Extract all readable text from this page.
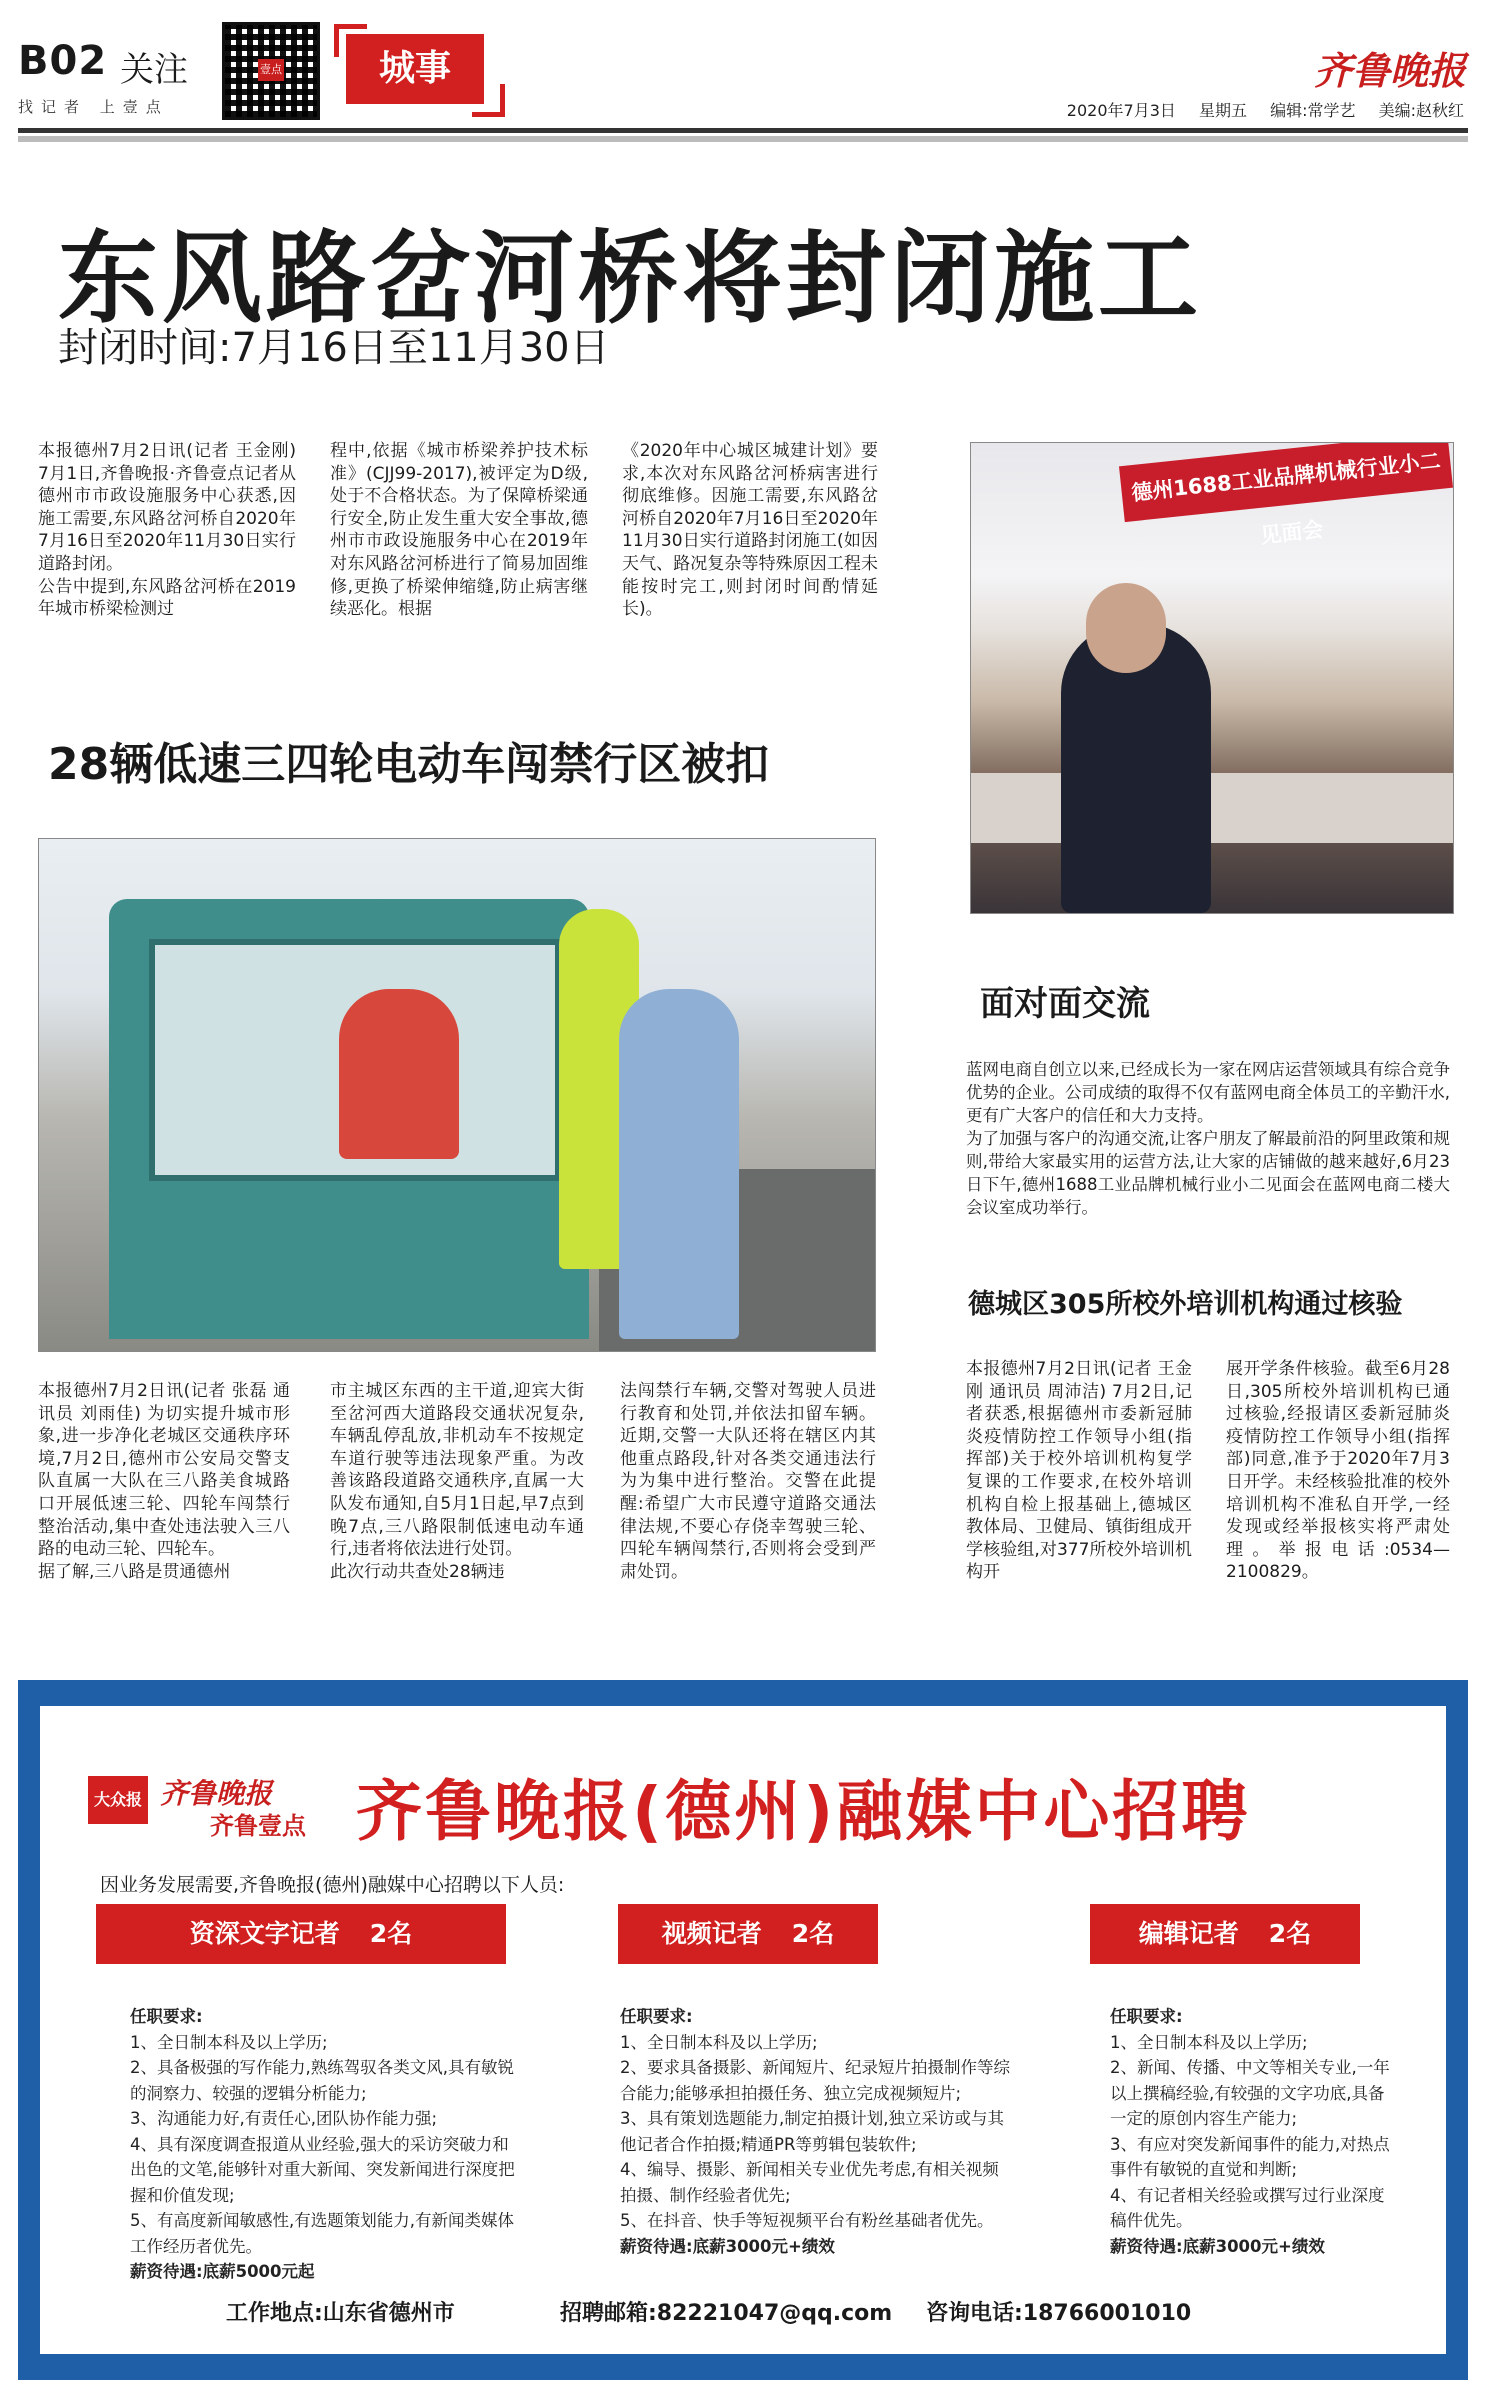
B02 关注
找记者 上壹点
壹点	城事	齐鲁晚报
2020年7月3日 星期五 编辑:常学艺 美编:赵秋红
东风路岔河桥将封闭施工
封闭时间:7月16日至11月30日
本报德州7月2日讯(记者 王金刚) 7月1日,齐鲁晚报·齐鲁壹点记者从德州市市政设施服务中心获悉,因施工需要,东风路岔河桥自2020年7月16日至2020年11月30日实行道路封闭。
公告中提到,东风路岔河桥在2019年城市桥梁检测过
程中,依据《城市桥梁养护技术标准》(CJJ99-2017),被评定为D级,处于不合格状态。为了保障桥梁通行安全,防止发生重大安全事故,德州市市政设施服务中心在2019年对东风路岔河桥进行了简易加固维修,更换了桥梁伸缩缝,防止病害继续恶化。根据
《2020年中心城区城建计划》要求,本次对东风路岔河桥病害进行彻底维修。因施工需要,东风路岔河桥自2020年7月16日至2020年11月30日实行道路封闭施工(如因天气、路况复杂等特殊原因工程未能按时完工,则封闭时间酌情延长)。
德州1688工业品牌机械行业小二见面会
28辆低速三四轮电动车闯禁行区被扣
本报德州7月2日讯(记者 张磊 通讯员 刘雨佳) 为切实提升城市形象,进一步净化老城区交通秩序环境,7月2日,德州市公安局交警支队直属一大队在三八路美食城路口开展低速三轮、四轮车闯禁行整治活动,集中查处违法驶入三八路的电动三轮、四轮车。
据了解,三八路是贯通德州
市主城区东西的主干道,迎宾大街至岔河西大道路段交通状况复杂,车辆乱停乱放,非机动车不按规定车道行驶等违法现象严重。为改善该路段道路交通秩序,直属一大队发布通知,自5月1日起,早7点到晚7点,三八路限制低速电动车通行,违者将依法进行处罚。
此次行动共查处28辆违
法闯禁行车辆,交警对驾驶人员进行教育和处罚,并依法扣留车辆。近期,交警一大队还将在辖区内其他重点路段,针对各类交通违法行为为集中进行整治。交警在此提醒:希望广大市民遵守道路交通法律法规,不要心存侥幸驾驶三轮、四轮车辆闯禁行,否则将会受到严肃处罚。
面对面交流
蓝网电商自创立以来,已经成长为一家在网店运营领域具有综合竞争优势的企业。公司成绩的取得不仅有蓝网电商全体员工的辛勤汗水,更有广大客户的信任和大力支持。
为了加强与客户的沟通交流,让客户朋友了解最前沿的阿里政策和规则,带给大家最实用的运营方法,让大家的店铺做的越来越好,6月23日下午,德州1688工业品牌机械行业小二见面会在蓝网电商二楼大会议室成功举行。
德城区305所校外培训机构通过核验
本报德州7月2日讯(记者 王金刚 通讯员 周沛洁) 7月2日,记者获悉,根据德州市委新冠肺炎疫情防控工作领导小组(指挥部)关于校外培训机构复学复课的工作要求,在校外培训机构自检上报基础上,德城区教体局、卫健局、镇街组成开学核验组,对377所校外培训机构开
展开学条件核验。截至6月28日,305所校外培训机构已通过核验,经报请区委新冠肺炎疫情防控工作领导小组(指挥部)同意,准予于2020年7月3日开学。未经核验批准的校外培训机构不准私自开学,一经发现或经举报核实将严肃处理。举报电话:0534—2100829。
大众报业
齐鲁晚报
齐鲁壹点 齐鲁晚报(德州)融媒中心招聘
因业务发展需要,齐鲁晚报(德州)融媒中心招聘以下人员:
资深文字记者 2名	视频记者 2名	编辑记者 2名
任职要求:
1、全日制本科及以上学历;
2、具备极强的写作能力,熟练驾驭各类文风,具有敏锐的洞察力、较强的逻辑分析能力;
3、沟通能力好,有责任心,团队协作能力强;
4、具有深度调查报道从业经验,强大的采访突破力和出色的文笔,能够针对重大新闻、突发新闻进行深度把握和价值发现;
5、有高度新闻敏感性,有选题策划能力,有新闻类媒体工作经历者优先。
薪资待遇:底薪5000元起
任职要求:
1、全日制本科及以上学历;
2、要求具备摄影、新闻短片、纪录短片拍摄制作等综合能力;能够承担拍摄任务、独立完成视频短片;
3、具有策划选题能力,制定拍摄计划,独立采访或与其他记者合作拍摄;精通PR等剪辑包装软件;
4、编导、摄影、新闻相关专业优先考虑,有相关视频拍摄、制作经验者优先;
5、在抖音、快手等短视频平台有粉丝基础者优先。
薪资待遇:底薪3000元+绩效
任职要求:
1、全日制本科及以上学历;
2、新闻、传播、中文等相关专业,一年以上撰稿经验,有较强的文字功底,具备一定的原创内容生产能力;
3、有应对突发新闻事件的能力,对热点事件有敏锐的直觉和判断;
4、有记者相关经验或撰写过行业深度稿件优先。
薪资待遇:底薪3000元+绩效
工作地点:山东省德州市	招聘邮箱:82221047@qq.com 咨询电话:18766001010
